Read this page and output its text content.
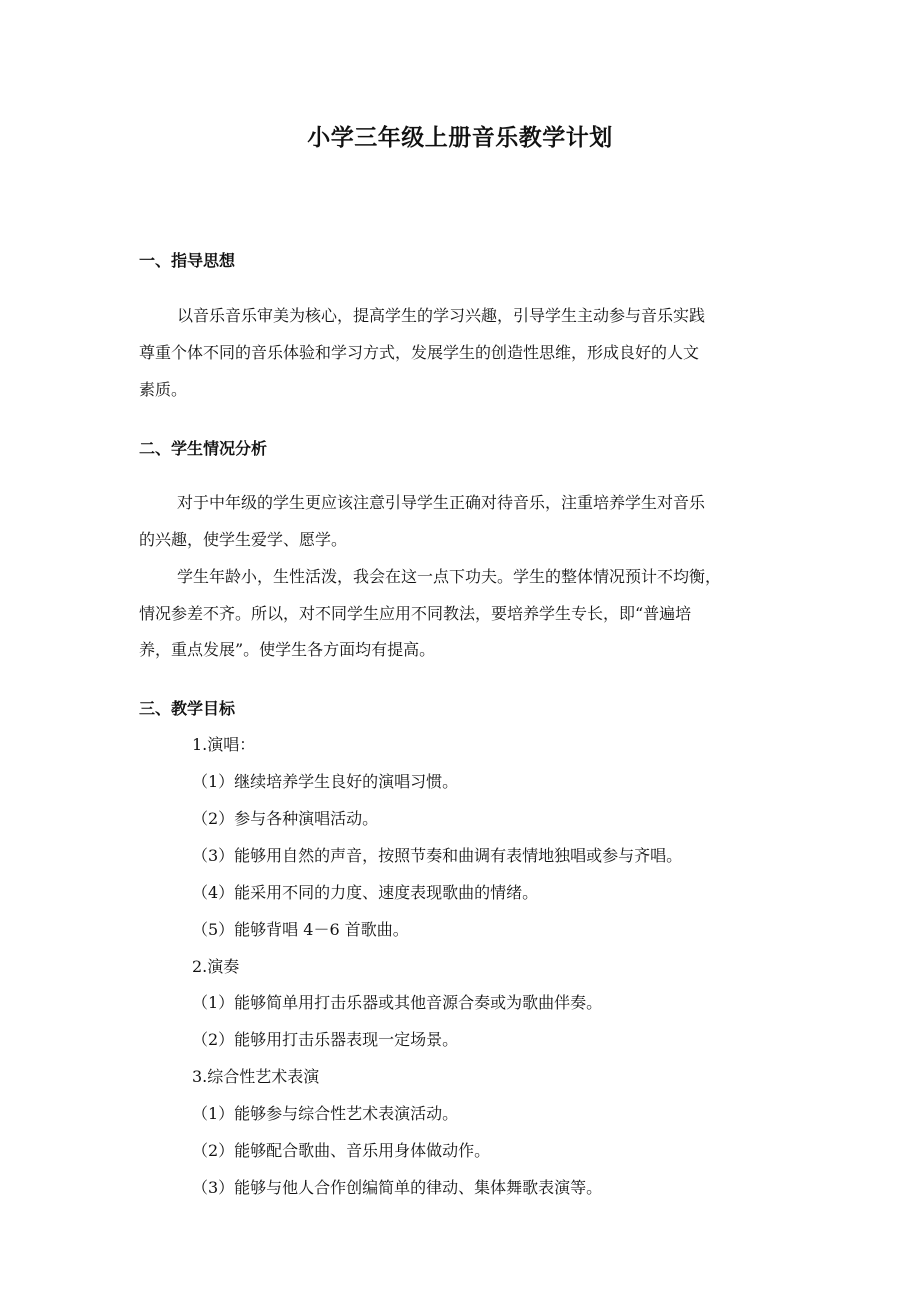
小学三年级上册音乐教学计划
一、指导思想
以音乐音乐审美为核心，提高学生的学习兴趣，引导学生主动参与音乐实践
尊重个体不同的音乐体验和学习方式，发展学生的创造性思维，形成良好的人文
素质。
二、学生情况分析
对于中年级的学生更应该注意引导学生正确对待音乐，注重培养学生对音乐
的兴趣，使学生爱学、愿学。
学生年龄小，生性活泼，我会在这一点下功夫。学生的整体情况预计不均衡，
情况参差不齐。所以，对不同学生应用不同教法，要培养学生专长，即“普遍培
养，重点发展”。使学生各方面均有提高。
三、教学目标
1.演唱：
（1）继续培养学生良好的演唱习惯。
（2）参与各种演唱活动。
（3）能够用自然的声音，按照节奏和曲调有表情地独唱或参与齐唱。
（4）能采用不同的力度、速度表现歌曲的情绪。
（5）能够背唱 4－6 首歌曲。
2.演奏
（1）能够简单用打击乐器或其他音源合奏或为歌曲伴奏。
（2）能够用打击乐器表现一定场景。
3.综合性艺术表演
（1）能够参与综合性艺术表演活动。
（2）能够配合歌曲、音乐用身体做动作。
（3）能够与他人合作创编简单的律动、集体舞歌表演等。
